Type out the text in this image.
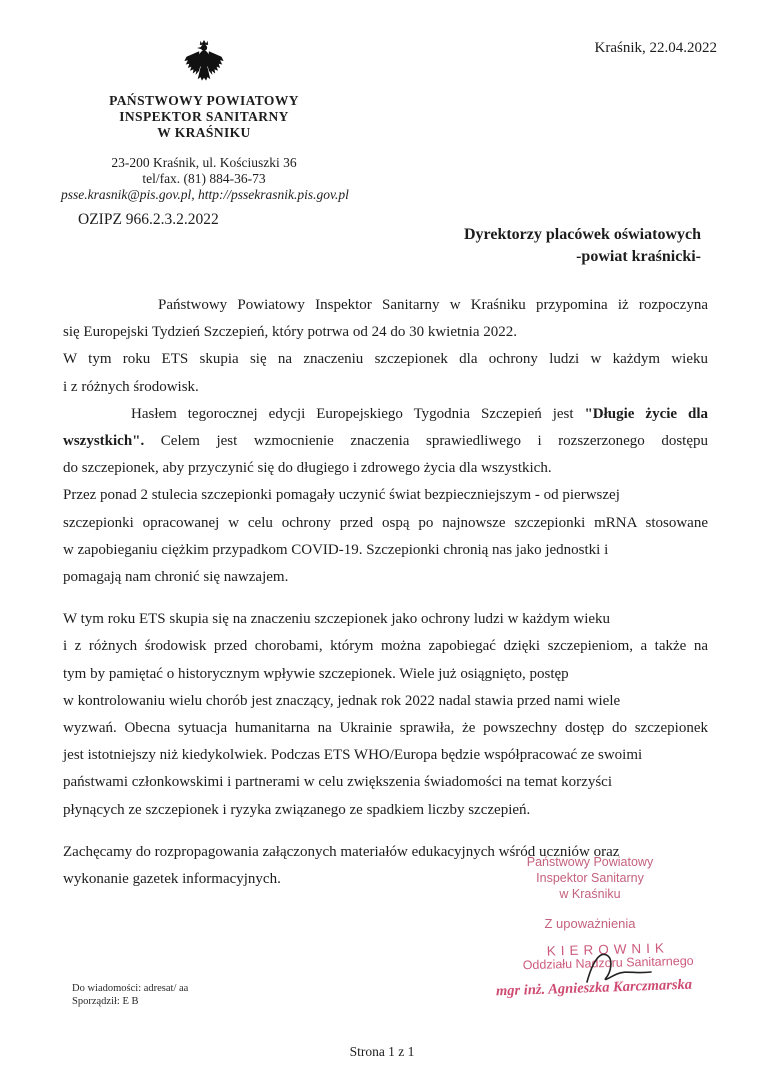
Kraśnik, 22.04.2022
PAŃSTWOWY POWIATOWY
INSPEKTOR SANITARNY
W KRAŚNIKU
23-200 Kraśnik, ul. Kościuszki 36
tel/fax. (81) 884-36-73
psse.krasnik@pis.gov.pl, http://pssekrasnik.pis.gov.pl
OZIPZ 966.2.3.2.2022
Dyrektorzy placówek oświatowych
-powiat kraśnicki-
Państwowy Powiatowy Inspektor Sanitarny w Kraśniku przypomina iż rozpoczyna
się Europejski Tydzień Szczepień, który potrwa od 24 do 30 kwietnia 2022.
W tym roku ETS skupia się na znaczeniu szczepionek dla ochrony ludzi w każdym wieku
i z różnych środowisk.
Hasłem tegorocznej edycji Europejskiego Tygodnia Szczepień jest "Długie życie dla
wszystkich". Celem jest wzmocnienie znaczenia sprawiedliwego i rozszerzonego dostępu
do szczepionek, aby przyczynić się do długiego i zdrowego życia dla wszystkich.
Przez ponad 2 stulecia szczepionki pomagały uczynić świat bezpieczniejszym - od pierwszej
szczepionki opracowanej w celu ochrony przed ospą po najnowsze szczepionki mRNA stosowane
w zapobieganiu ciężkim przypadkom COVID-19. Szczepionki chronią nas jako jednostki i
pomagają nam chronić się nawzajem.
W tym roku ETS skupia się na znaczeniu szczepionek jako ochrony ludzi w każdym wieku
i z różnych środowisk przed chorobami, którym można zapobiegać dzięki szczepieniom, a także na
tym by pamiętać o historycznym wpływie szczepionek. Wiele już osiągnięto, postęp
w kontrolowaniu wielu chorób jest znaczący, jednak rok 2022 nadal stawia przed nami wiele
wyzwań. Obecna sytuacja humanitarna na Ukrainie sprawiła, że powszechny dostęp do szczepionek
jest istotniejszy niż kiedykolwiek. Podczas ETS WHO/Europa będzie współpracować ze swoimi
państwami członkowskimi i partnerami w celu zwiększenia świadomości na temat korzyści
płynących ze szczepionek i ryzyka związanego ze spadkiem liczby szczepień.
Zachęcamy do rozpropagowania załączonych materiałów edukacyjnych wśród uczniów oraz
wykonanie gazetek informacyjnych.
Państwowy Powiatowy
Inspektor Sanitarny
w Kraśniku
Z upoważnienia
KIEROWNIK
Oddziału Nadzoru Sanitarnego
mgr inż. Agnieszka Karczmarska
Do wiadomości: adresat/ aa
Sporządził: E B
Strona 1 z 1
